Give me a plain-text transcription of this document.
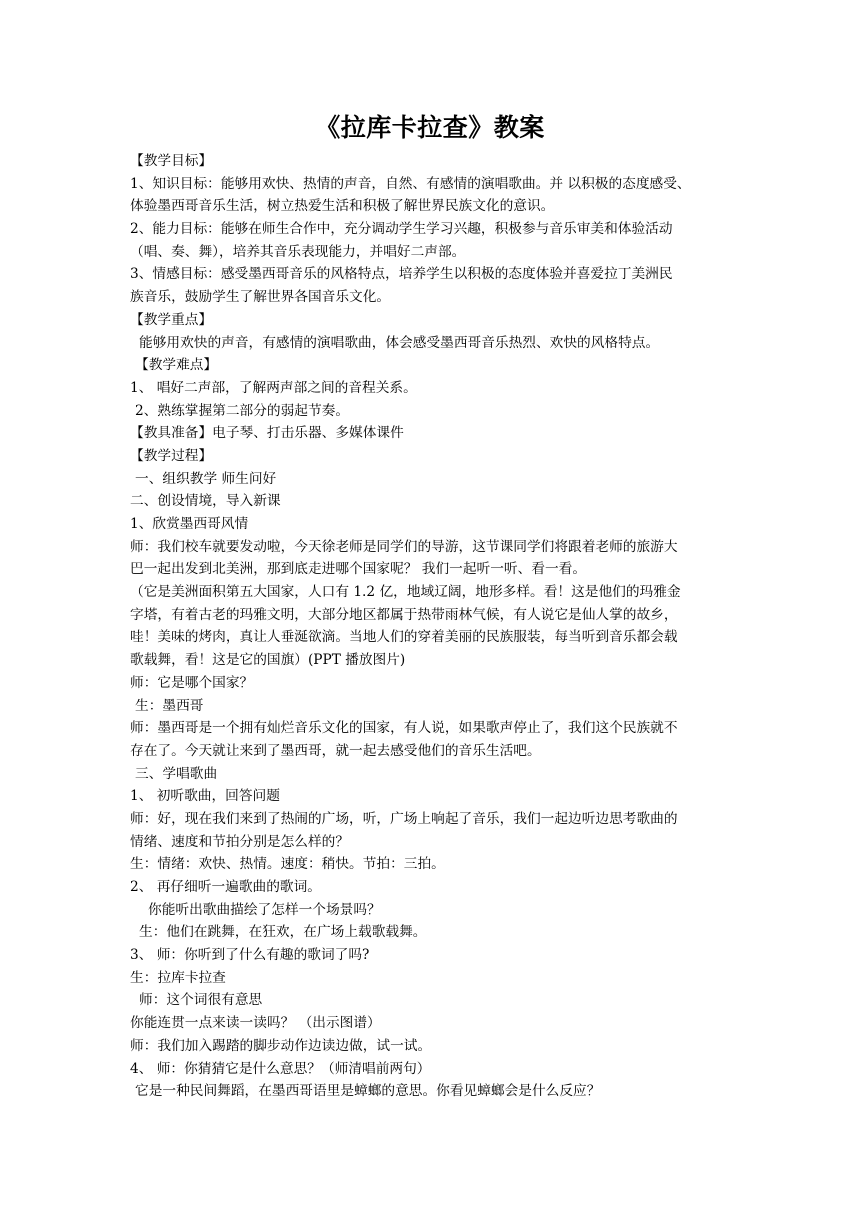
《拉库卡拉查》教案
【教学目标】
1、知识目标：能够用欢快、热情的声音，自然、有感情的演唱歌曲。并 以积极的态度感受、
体验墨西哥音乐生活，树立热爱生活和积极了解世界民族文化的意识。
2、能力目标：能够在师生合作中，充分调动学生学习兴趣，积极参与音乐审美和体验活动
（唱、奏、舞），培养其音乐表现能力，并唱好二声部。
3、情感目标：感受墨西哥音乐的风格特点，培养学生以积极的态度体验并喜爱拉丁美洲民
族音乐，鼓励学生了解世界各国音乐文化。
【教学重点】
能够用欢快的声音，有感情的演唱歌曲，体会感受墨西哥音乐热烈、欢快的风格特点。
【教学难点】
1、 唱好二声部，了解两声部之间的音程关系。
2、熟练掌握第二部分的弱起节奏。
【教具准备】电子琴、打击乐器、多媒体课件
【教学过程】
一、组织教学 师生问好
二、创设情境，导入新课
1、欣赏墨西哥风情
师：我们校车就要发动啦，今天徐老师是同学们的导游，这节课同学们将跟着老师的旅游大
巴一起出发到北美洲，那到底走进哪个国家呢？ 我们一起听一听、看一看。
（它是美洲面积第五大国家，人口有 1.2 亿，地域辽阔，地形多样。看！这是他们的玛雅金
字塔，有着古老的玛雅文明，大部分地区都属于热带雨林气候，有人说它是仙人掌的故乡，
哇！美味的烤肉，真让人垂涎欲滴。当地人们的穿着美丽的民族服装，每当听到音乐都会载
歌载舞，看！这是它的国旗）(PPT 播放图片)
师：它是哪个国家？
生：墨西哥
师：墨西哥是一个拥有灿烂音乐文化的国家，有人说，如果歌声停止了，我们这个民族就不
存在了。今天就让来到了墨西哥，就一起去感受他们的音乐生活吧。
三、学唱歌曲
1、 初听歌曲，回答问题
师：好，现在我们来到了热闹的广场，听，广场上响起了音乐，我们一起边听边思考歌曲的
情绪、速度和节拍分别是怎么样的？
生：情绪：欢快、热情。速度：稍快。节拍：三拍。
2、 再仔细听一遍歌曲的歌词。
你能听出歌曲描绘了怎样一个场景吗？
生：他们在跳舞，在狂欢，在广场上载歌载舞。
3、 师：你听到了什么有趣的歌词了吗?
生：拉库卡拉查
师：这个词很有意思
你能连贯一点来读一读吗？ （出示图谱）
师：我们加入踢踏的脚步动作边读边做，试一试。
4、 师：你猜猜它是什么意思？（师清唱前两句）
它是一种民间舞蹈，在墨西哥语里是蟑螂的意思。你看见蟑螂会是什么反应？
